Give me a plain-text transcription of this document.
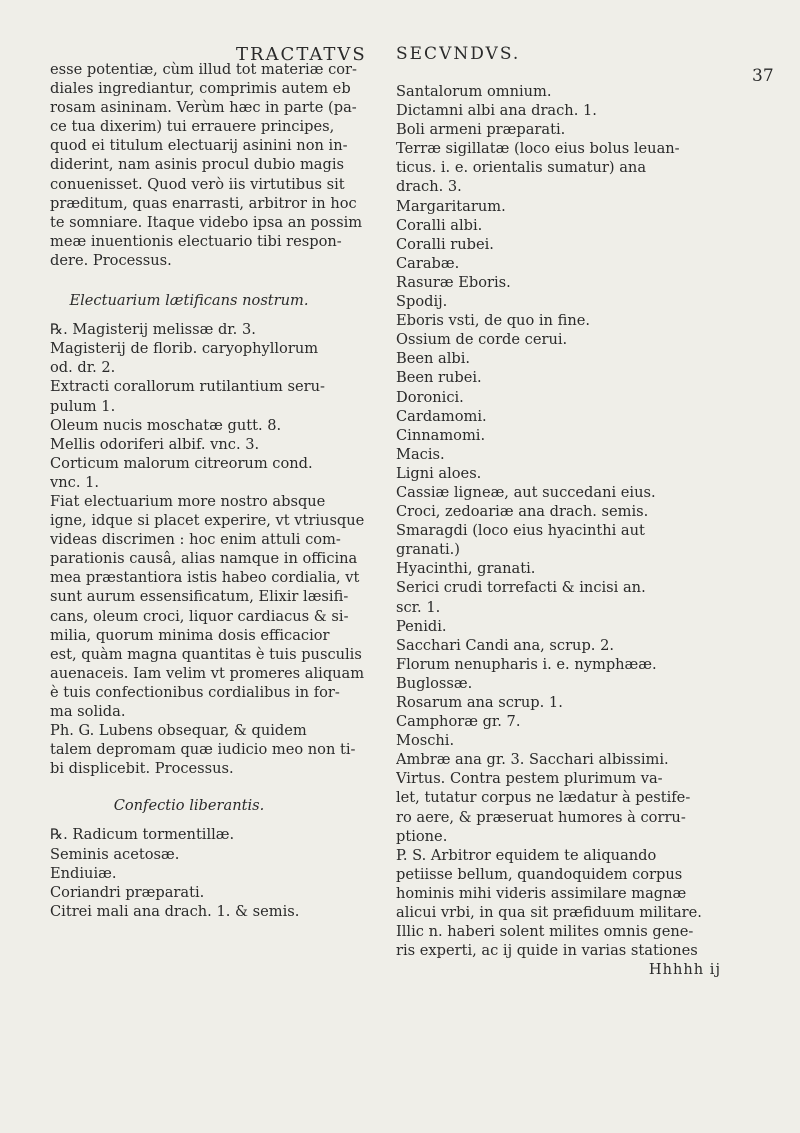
TRACTATVS SECVNDVS.
37
esse potentiæ, cùm illud tot materiæ cor-
diales ingrediantur, comprimis autem eb
rosam asininam. Verùm hæc in parte (pa-
ce tua dixerim) tui errauere principes,
quod ei titulum electuarij asinini non in-
diderint, nam asinis procul dubio magis
conuenisset. Quod verò iis virtutibus sit
præditum, quas enarrasti, arbitror in hoc
te somniare. Itaque videbo ipsa an possim
meæ inuentionis electuario tibi respon-
dere. Processus.
Electuarium lætificans nostrum.
℞. Magisterij melissæ dr. 3.
Magisterij de florib. caryophyllorum
od. dr. 2.
Extracti corallorum rutilantium seru-
pulum 1.
Oleum nucis moschatæ gutt. 8.
Mellis odoriferi albif. vnc. 3.
Corticum malorum citreorum cond.
vnc. 1.
Fiat electuarium more nostro absque
igne, idque si placet experire, vt vtriusque
videas discrimen : hoc enim attuli com-
parationis causâ, alias namque in officina
mea præstantiora istis habeo cordialia, vt
sunt aurum essensificatum, Elixir læsifi-
cans, oleum croci, liquor cardiacus & si-
milia, quorum minima dosis efficacior
est, quàm magna quantitas è tuis pusculis
auenaceis. Iam velim vt promeres aliquam
è tuis confectionibus cordialibus in for-
ma solida.
Ph. G. Lubens obsequar, & quidem
talem depromam quæ iudicio meo non ti-
bi displicebit. Processus.
Confectio liberantis.
℞. Radicum tormentillæ.
Seminis acetosæ.
Endiuiæ.
Coriandri præparati.
Citrei mali ana drach. 1. & semis.
Santalorum omnium.
Dictamni albi ana drach. 1.
Boli armeni præparati.
Terræ sigillatæ (loco eius bolus leuan-
ticus. i. e. orientalis sumatur) ana
drach. 3.
Margaritarum.
Coralli albi.
Coralli rubei.
Carabæ.
Rasuræ Eboris.
Spodij.
Eboris vsti, de quo in fine.
Ossium de corde cerui.
Been albi.
Been rubei.
Doronici.
Cardamomi.
Cinnamomi.
Macis.
Ligni aloes.
Cassiæ ligneæ, aut succedani eius.
Croci, zedoariæ ana drach. semis.
Smaragdi (loco eius hyacinthi aut
granati.)
Hyacinthi, granati.
Serici crudi torrefacti & incisi an.
scr. 1.
Penidi.
Sacchari Candi ana, scrup. 2.
Florum nenupharis i. e. nymphææ.
Buglossæ.
Rosarum ana scrup. 1.
Camphoræ gr. 7.
Moschi.
Ambræ ana gr. 3. Sacchari albissimi.
Virtus. Contra pestem plurimum va-
let, tutatur corpus ne lædatur à pestife-
ro aere, & præseruat humores à corru-
ptione.
P. S. Arbitror equidem te aliquando
petiisse bellum, quandoquidem corpus
hominis mihi videris assimilare magnæ
alicui vrbi, in qua sit præfiduum militare.
Illic n. haberi solent milites omnis gene-
ris experti, ac ij quide in varias stationes
Hhhhh ij
